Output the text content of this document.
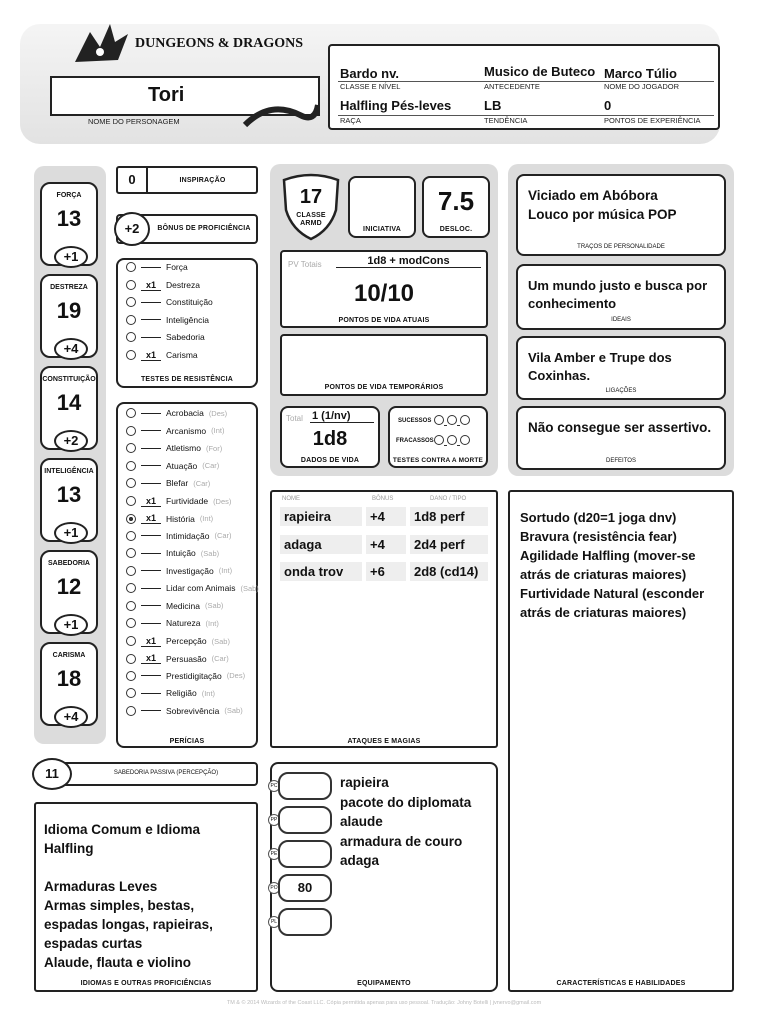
DUNGEONS & DRAGONS
Tori
NOME DO PERSONAGEM
Bardo nv.
CLASSE E NÍVEL
Musico de Buteco
ANTECEDENTE
Marco Túlio
NOME DO JOGADOR
Halfling Pés-leves
RAÇA
LB
TENDÊNCIA
0
PONTOS DE EXPERIÊNCIA
FORÇA
13
+1
DESTREZA
19
+4
CONSTITUIÇÃO
14
+2
INTELIGÊNCIA
13
+1
SABEDORIA
12
+1
CARISMA
18
+4
0	INSPIRAÇÃO
+2	BÔNUS DE PROFICIÊNCIA
Força
x1	Destreza
Constituição
Inteligência
Sabedoria
x1	Carisma
TESTES DE RESISTÊNCIA
Acrobacia (Des)
Arcanismo (Int)
Atletismo (For)
Atuação (Car)
Blefar (Car)
x1	Furtividade (Des)
x1	História (Int)
Intimidação (Car)
Intuição (Sab)
Investigação (Int)
Lidar com Animais (Sab)
Medicina (Sab)
Natureza (Int)
x1	Percepção (Sab)
x1	Persuasão (Car)
Prestidigitação (Des)
Religião (Int)
Sobrevivência (Sab)
PERÍCIAS
17
CLASSE ARMD
INICIATIVA
7.5
DESLOC.
PV Totais	1d8 + modCons
10/10
PONTOS DE VIDA ATUAIS
PONTOS DE VIDA TEMPORÁRIOS
Total 1 (1/nv)
1d8
DADOS DE VIDA
SUCESSOS
FRACASSOS
TESTES CONTRA A MORTE
Viciado em Abóbora
Louco por música POP
TRAÇOS DE PERSONALIDADE
Um mundo justo e busca por
conhecimento
IDEAIS
Vila Amber e Trupe dos
Coxinhas.
LIGAÇÕES
Não consegue ser assertivo.
DEFEITOS
NOME	BÔNUS	DANO / TIPO
rapieira	+4	1d8 perf
adaga	+4	2d4 perf
onda trov	+6	2d8 (cd14)
ATAQUES E MAGIAS
Sortudo (d20=1 joga dnv)
Bravura (resistência fear)
Agilidade Halfling (mover-se
atrás de criaturas maiores)
Furtividade Natural (esconder
atrás de criaturas maiores)
CARACTERÍSTICAS E HABILIDADES
11	SABEDORIA PASSIVA (PERCEPÇÃO)
Idioma Comum e Idioma
Halfling
Armaduras Leves
Armas simples, bestas,
espadas longas, rapieiras,
espadas curtas
Alaude, flauta e violino
IDIOMAS E OUTRAS PROFICIÊNCIAS
PC
PP
PE
PO	80
PL
rapieira
pacote do diplomata
alaude
armadura de couro
adaga
EQUIPAMENTO
TM & © 2014 Wizards of the Coast LLC. Cópia permitida apenas para uso pessoal. Tradução: Johny Botelli | jvnervo@gmail.com
